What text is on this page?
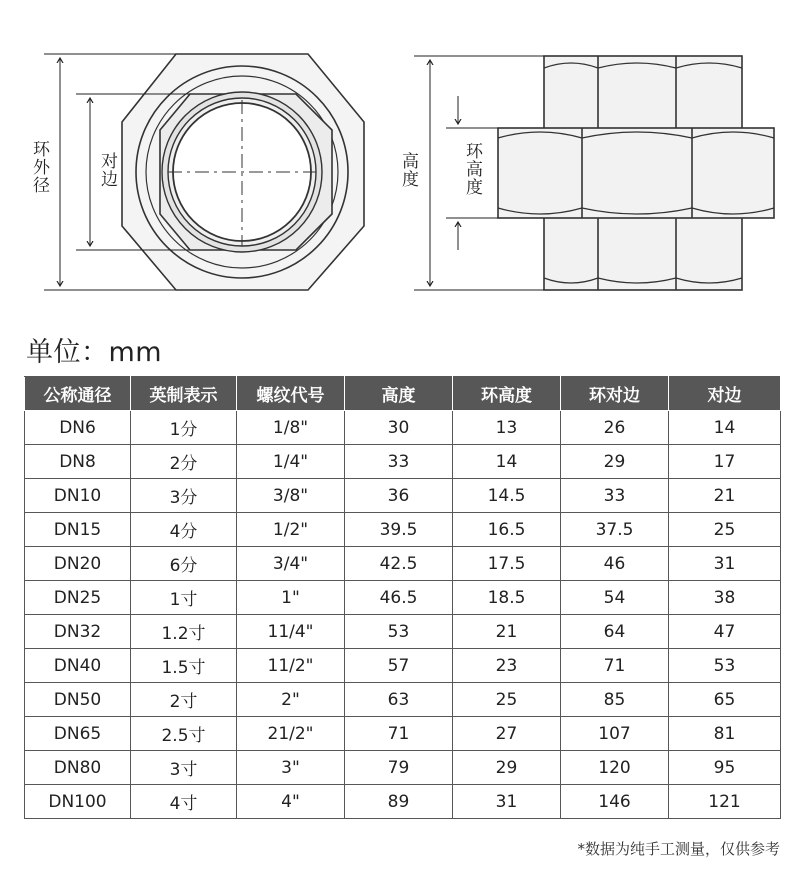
环外径	对边	高度	环高度
单位：mm
公称通径	英制表示	螺纹代号	高度	环高度	环对边	对边
DN6	1分	1/8"	30	13	26	14
DN8	2分	1/4"	33	14	29	17
DN10	3分	3/8"	36	14.5	33	21
DN15	4分	1/2"	39.5	16.5	37.5	25
DN20	6分	3/4"	42.5	17.5	46	31
DN25	1寸	1"	46.5	18.5	54	38
DN32	1.2寸	11/4"	53	21	64	47
DN40	1.5寸	11/2"	57	23	71	53
DN50	2寸	2"	63	25	85	65
DN65	2.5寸	21/2"	71	27	107	81
DN80	3寸	3"	79	29	120	95
DN100	4寸	4"	89	31	146	121
*数据为纯手工测量，仅供参考
